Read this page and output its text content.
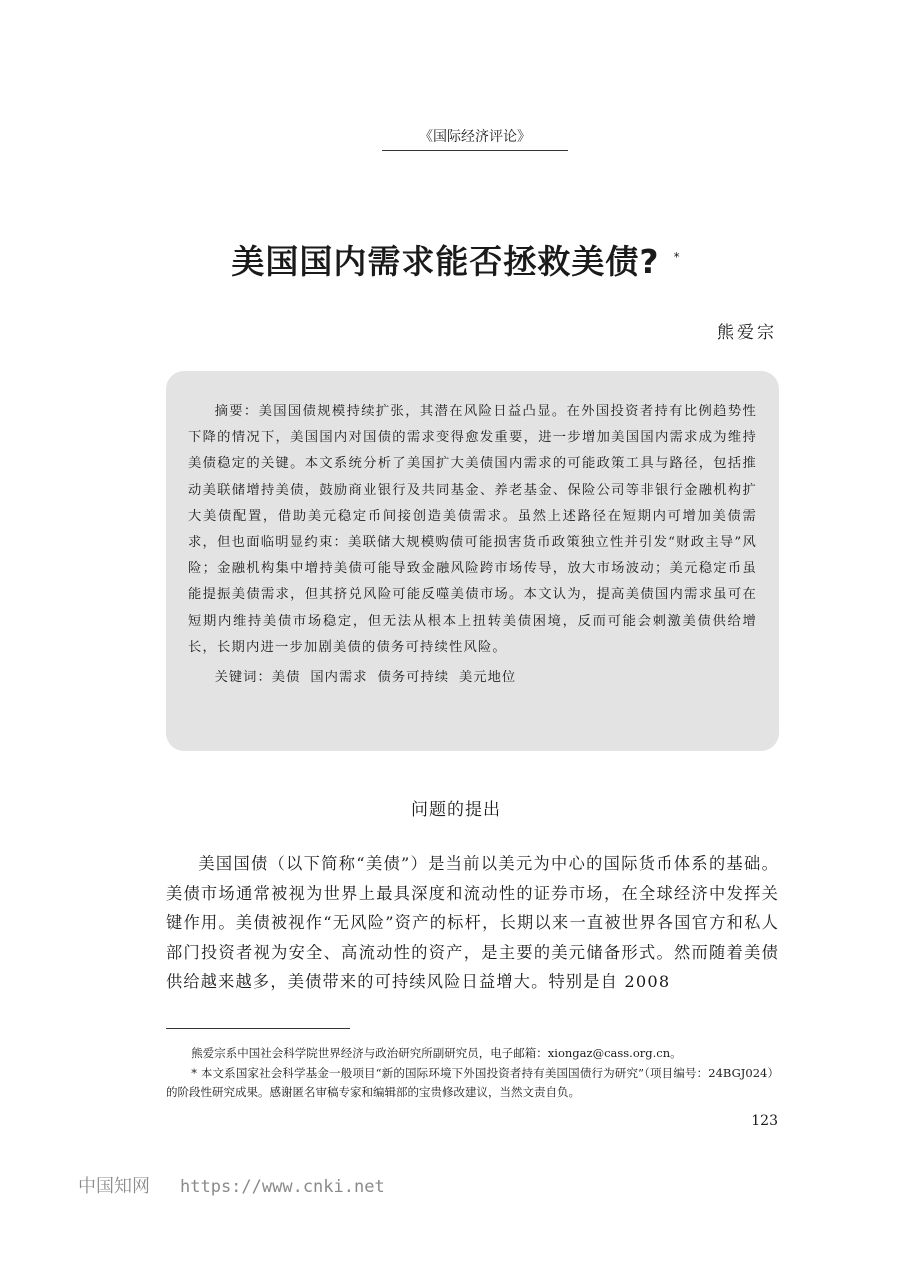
《国际经济评论》
美国国内需求能否拯救美债? *
熊爱宗
摘要：美国国债规模持续扩张，其潜在风险日益凸显。在外国投资者持有比例趋势性下降的情况下，美国国内对国债的需求变得愈发重要，进一步增加美国国内需求成为维持美债稳定的关键。本文系统分析了美国扩大美债国内需求的可能政策工具与路径，包括推动美联储增持美债，鼓励商业银行及共同基金、养老基金、保险公司等非银行金融机构扩大美债配置，借助美元稳定币间接创造美债需求。虽然上述路径在短期内可增加美债需求，但也面临明显约束：美联储大规模购债可能损害货币政策独立性并引发“财政主导”风险；金融机构集中增持美债可能导致金融风险跨市场传导，放大市场波动；美元稳定币虽能提振美债需求，但其挤兑风险可能反噬美债市场。本文认为，提高美债国内需求虽可在短期内维持美债市场稳定，但无法从根本上扭转美债困境，反而可能会刺激美债供给增长，长期内进一步加剧美债的债务可持续性风险。
关键词：美债 国内需求 债务可持续 美元地位
问题的提出
美国国债（以下简称“美债”）是当前以美元为中心的国际货币体系的基础。美债市场通常被视为世界上最具深度和流动性的证券市场，在全球经济中发挥关键作用。美债被视作“无风险”资产的标杆，长期以来一直被世界各国官方和私人部门投资者视为安全、高流动性的资产，是主要的美元储备形式。然而随着美债供给越来越多，美债带来的可持续风险日益增大。特别是自 2008

熊爱宗系中国社会科学院世界经济与政治研究所副研究员，电子邮箱：xiongaz@cass.org.cn。

* 本文系国家社会科学基金一般项目“新的国际环境下外国投资者持有美国国债行为研究”（项目编号：24BGJ024）的阶段性研究成果。感谢匿名审稿专家和编辑部的宝贵修改建议，当然文责自负。

123
中国知网 https://www.cnki.net
